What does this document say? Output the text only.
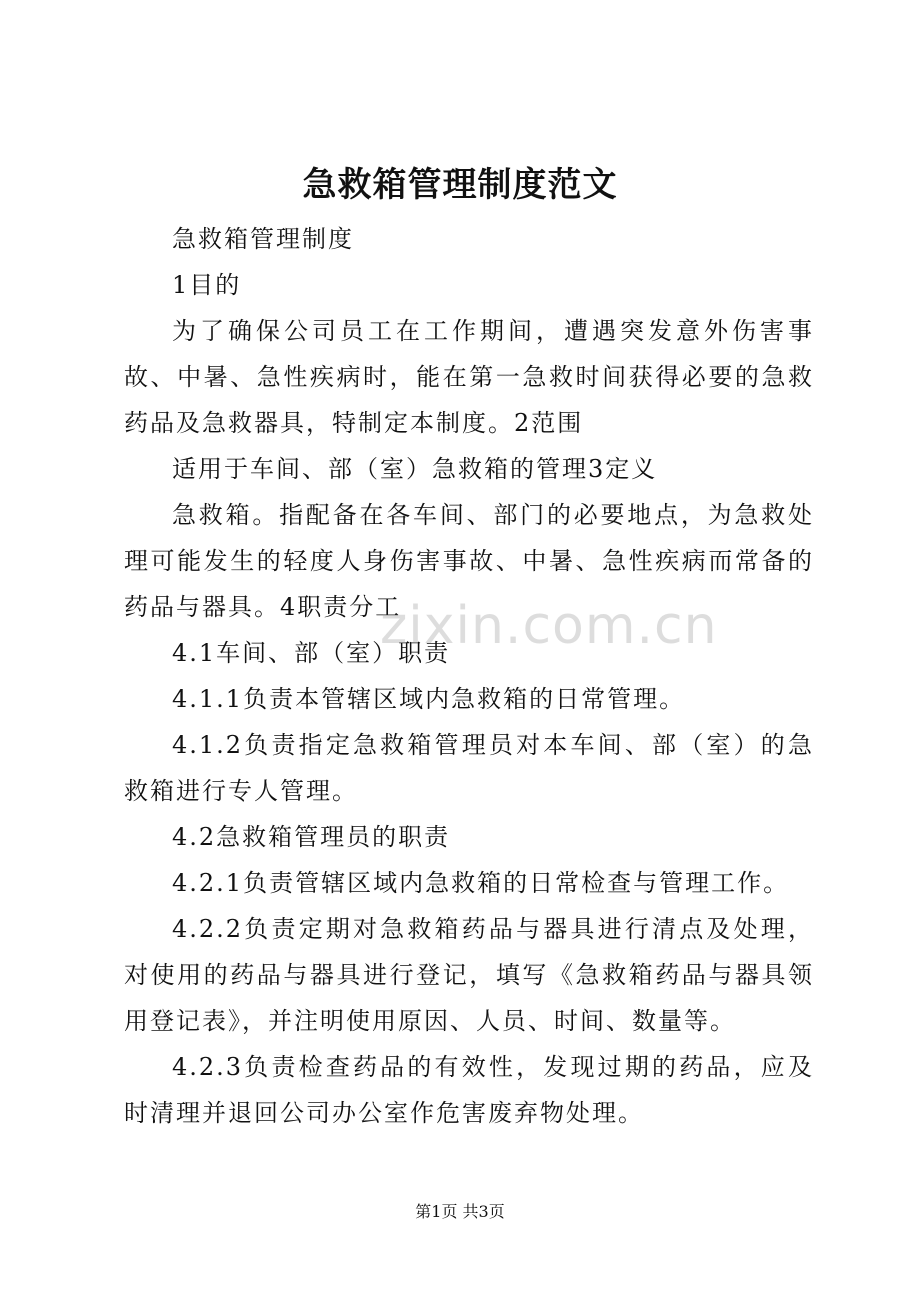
急救箱管理制度范文

急救箱管理制度

1目的

为了确保公司员工在工作期间，遭遇突发意外伤害事故、中暑、急性疾病时，能在第一急救时间获得必要的急救药品及急救器具，特制定本制度。2范围

适用于车间、部（室）急救箱的管理3定义

急救箱。指配备在各车间、部门的必要地点，为急救处理可能发生的轻度人身伤害事故、中暑、急性疾病而常备的药品与器具。4职责分工

4.1车间、部（室）职责

4.1.1负责本管辖区域内急救箱的日常管理。

4.1.2负责指定急救箱管理员对本车间、部（室）的急救箱进行专人管理。

4.2急救箱管理员的职责

4.2.1负责管辖区域内急救箱的日常检查与管理工作。

4.2.2负责定期对急救箱药品与器具进行清点及处理，对使用的药品与器具进行登记，填写《急救箱药品与器具领用登记表》，并注明使用原因、人员、时间、数量等。

4.2.3负责检查药品的有效性，发现过期的药品，应及时清理并退回公司办公室作危害废弃物处理。

zixin.com.cn
第1页 共3页
